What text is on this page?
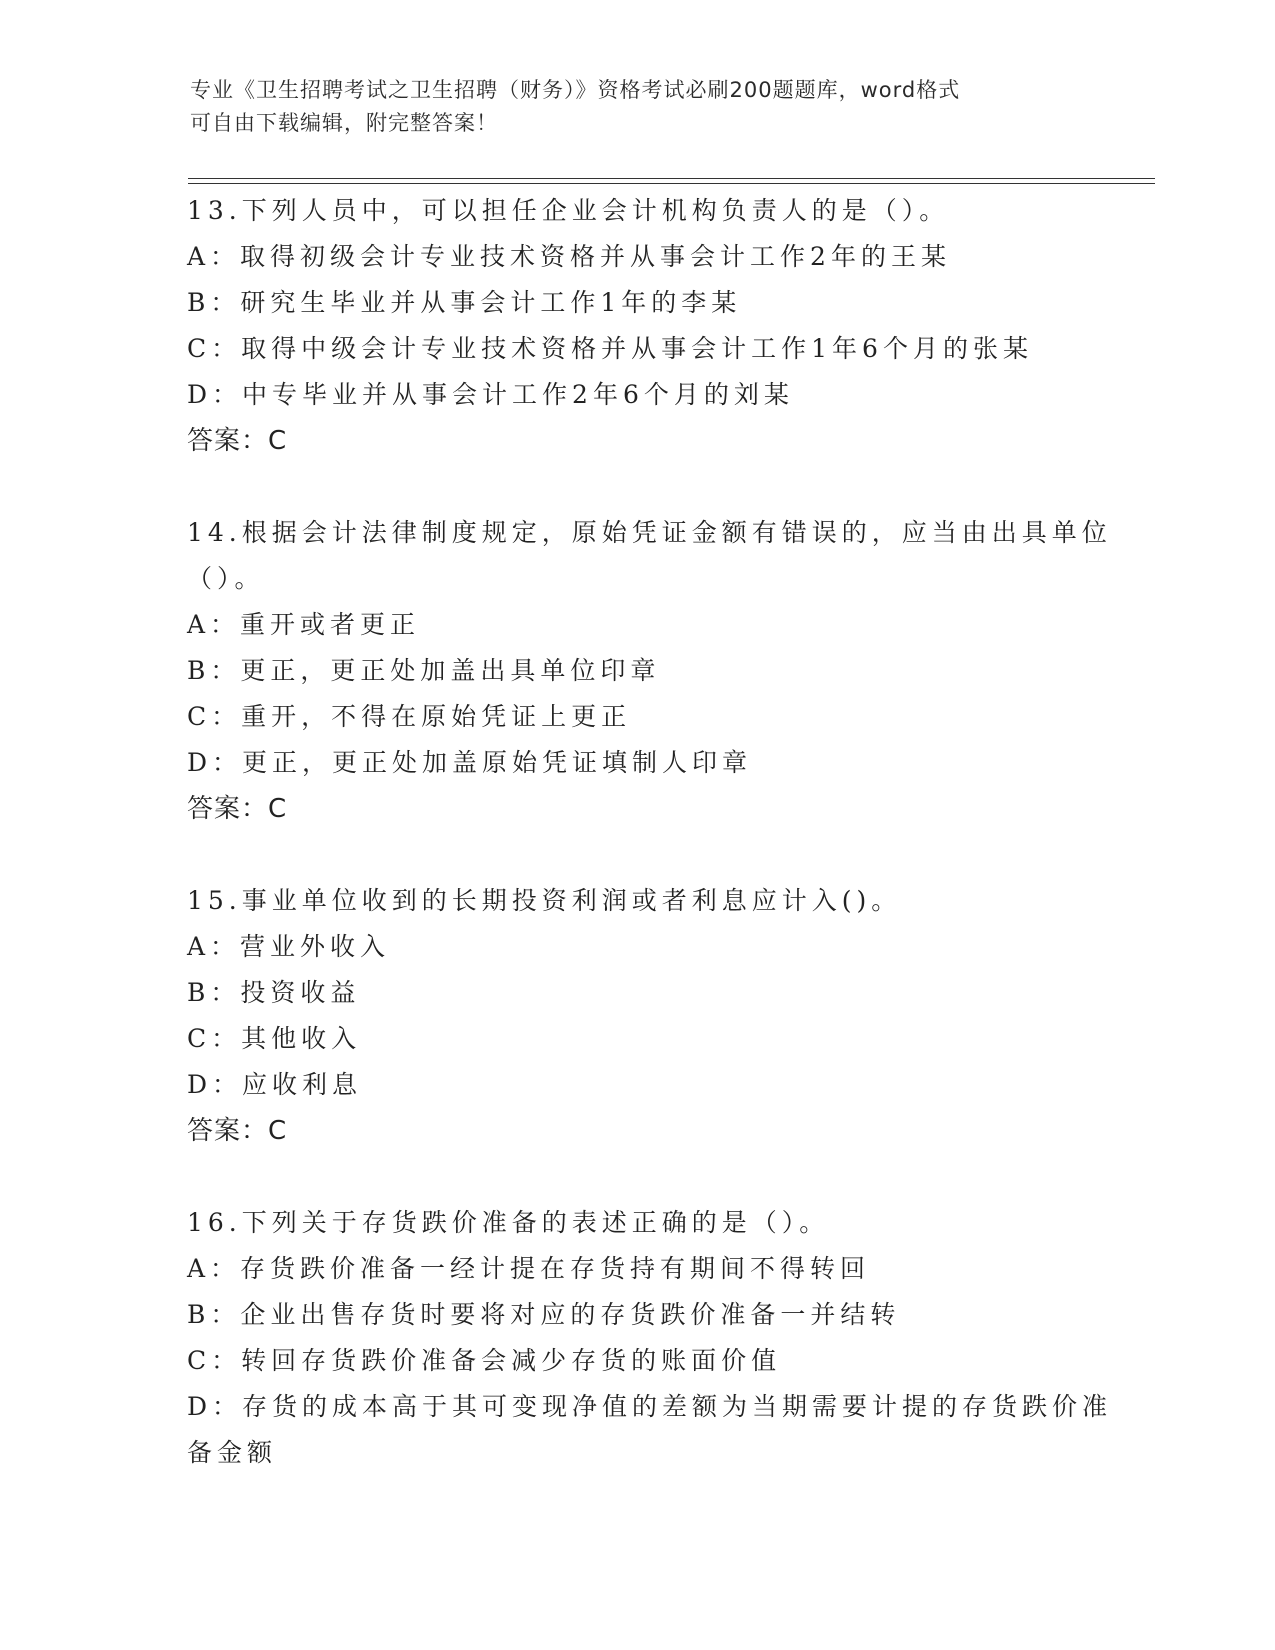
专业《卫生招聘考试之卫生招聘（财务）》资格考试必刷200题题库，word格式
可自由下载编辑，附完整答案！
13.下列人员中，可以担任企业会计机构负责人的是（）。
A：取得初级会计专业技术资格并从事会计工作2年的王某
B：研究生毕业并从事会计工作1年的李某
C：取得中级会计专业技术资格并从事会计工作1年6个月的张某
D：中专毕业并从事会计工作2年6个月的刘某
答案：C
14.根据会计法律制度规定，原始凭证金额有错误的，应当由出具单位
（）。
A：重开或者更正
B：更正，更正处加盖出具单位印章
C：重开，不得在原始凭证上更正
D：更正，更正处加盖原始凭证填制人印章
答案：C
15.事业单位收到的长期投资利润或者利息应计入()。
A：营业外收入
B：投资收益
C：其他收入
D：应收利息
答案：C
16.下列关于存货跌价准备的表述正确的是（）。
A：存货跌价准备一经计提在存货持有期间不得转回
B：企业出售存货时要将对应的存货跌价准备一并结转
C：转回存货跌价准备会减少存货的账面价值
D：存货的成本高于其可变现净值的差额为当期需要计提的存货跌价准
备金额
